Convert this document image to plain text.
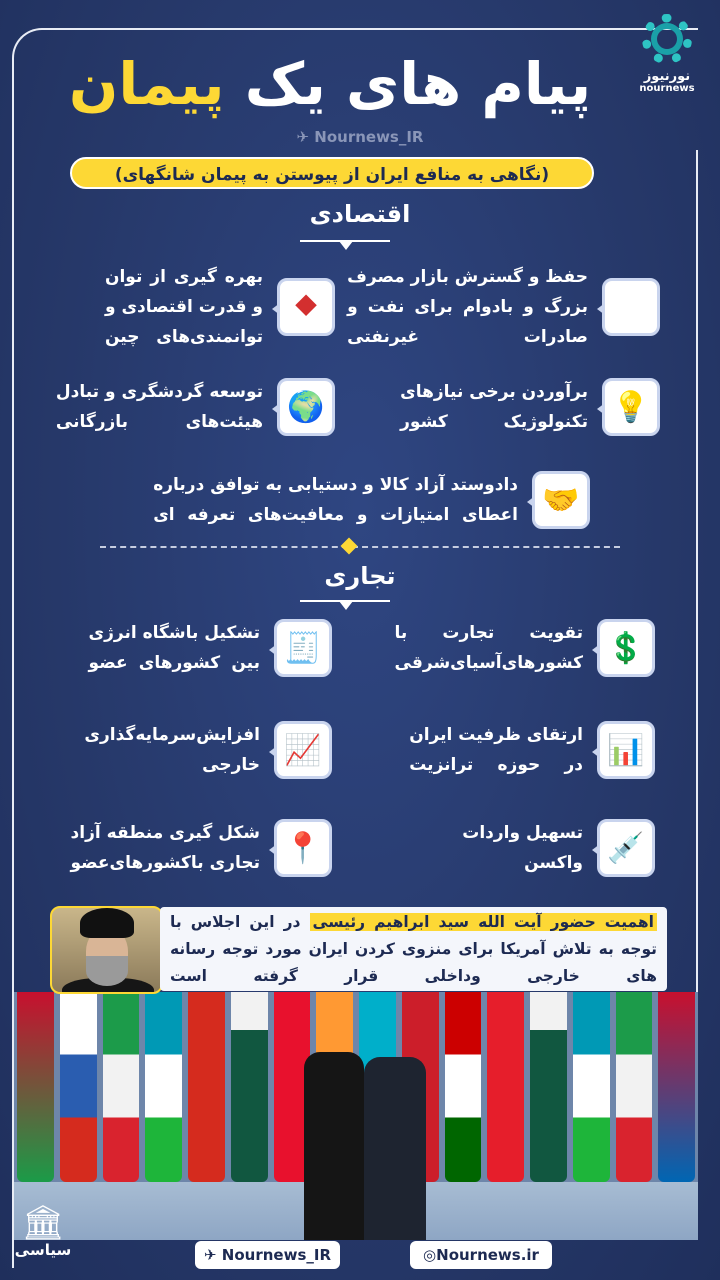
نورنیوز
nournews
پیام های یک پیمان
✈ Nournews_IR
(نگاهی به منافع ایران از پیوستن به پیمان شانگهای)
اقتصادی
🛢
حفظ و گسترش بازار مصرف
بزرگ و بادوام برای نفت و
صادرات غیرنفتی
⯁
بهره گیری از توان
و قدرت اقتصادی و
توانمندی‌های چین
💡
برآوردن برخی نیازهای
تکنولوژیک کشور
🌍
توسعه گردشگری و تبادل
هیئت‌های بازرگانی
🤝
دادوستد آزاد کالا و دستیابی به توافق درباره
اعطای امتیازات و معافیت‌های تعرفه ای
تجاری
💲
تقویت تجارت با
کشورهای‌آسیای‌شرقی
🧾
تشکیل باشگاه انرژی
بین کشورهای عضو
📊
ارتقای ظرفیت ایران
در حوزه ترانزیت
📈
افزایش‌سرمایه‌گذاری
خارجی
💉
تسهیل واردات
واکسن
📍
شکل گیری منطقه آزاد
تجاری باکشورهای‌عضو
اهمیت حضور آیت الله سید ابراهیم رئیسی در این اجلاس با توجه به تلاش آمریکا برای منزوی کردن ایران مورد توجه رسانه های خارجی وداخلی قرار گرفته است
🏛
سیاسی	✈ Nournews_IR	◎Nournews.ir
